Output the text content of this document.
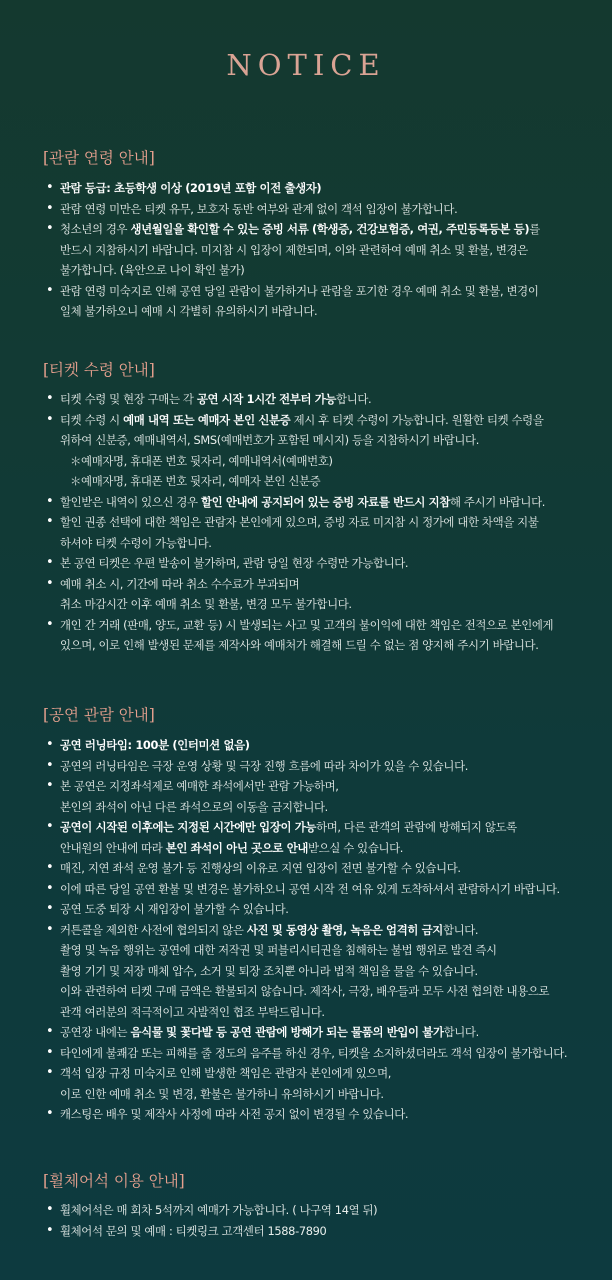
NOTICE
[관람 연령 안내]
• 관람 등급: 초등학생 이상 (2019년 포함 이전 출생자)
• 관람 연령 미만은 티켓 유무, 보호자 동반 여부와 관계 없이 객석 입장이 불가합니다.
• 청소년의 경우 생년월일을 확인할 수 있는 증빙 서류 (학생증, 건강보험증, 여권, 주민등록등본 등)를
반드시 지참하시기 바랍니다. 미지참 시 입장이 제한되며, 이와 관련하여 예매 취소 및 환불, 변경은
불가합니다. (육안으로 나이 확인 불가)
• 관람 연령 미숙지로 인해 공연 당일 관람이 불가하거나 관람을 포기한 경우 예매 취소 및 환불, 변경이
일체 불가하오니 예매 시 각별히 유의하시기 바랍니다.
[티켓 수령 안내]
• 티켓 수령 및 현장 구매는 각 공연 시작 1시간 전부터 가능합니다.
• 티켓 수령 시 예매 내역 또는 예매자 본인 신분증 제시 후 티켓 수령이 가능합니다. 원활한 티켓 수령을
위하여 신분증, 예매내역서, SMS(예매번호가 포함된 메시지) 등을 지참하시기 바랍니다.
＊예매자명, 휴대폰 번호 뒷자리, 예매내역서(예매번호)
＊예매자명, 휴대폰 번호 뒷자리, 예매자 본인 신분증
• 할인받은 내역이 있으신 경우 할인 안내에 공지되어 있는 증빙 자료를 반드시 지참해 주시기 바랍니다.
• 할인 권종 선택에 대한 책임은 관람자 본인에게 있으며, 증빙 자료 미지참 시 정가에 대한 차액을 지불
하셔야 티켓 수령이 가능합니다.
• 본 공연 티켓은 우편 발송이 불가하며, 관람 당일 현장 수령만 가능합니다.
• 예매 취소 시, 기간에 따라 취소 수수료가 부과되며
취소 마감시간 이후 예매 취소 및 환불, 변경 모두 불가합니다.
• 개인 간 거래 (판매, 양도, 교환 등) 시 발생되는 사고 및 고객의 불이익에 대한 책임은 전적으로 본인에게
있으며, 이로 인해 발생된 문제를 제작사와 예매처가 해결해 드릴 수 없는 점 양지해 주시기 바랍니다.
[공연 관람 안내]
• 공연 러닝타임: 100분 (인터미션 없음)
• 공연의 러닝타임은 극장 운영 상황 및 극장 진행 흐름에 따라 차이가 있을 수 있습니다.
• 본 공연은 지정좌석제로 예매한 좌석에서만 관람 가능하며,
본인의 좌석이 아닌 다른 좌석으로의 이동을 금지합니다.
• 공연이 시작된 이후에는 지정된 시간에만 입장이 가능하며, 다른 관객의 관람에 방해되지 않도록
안내원의 안내에 따라 본인 좌석이 아닌 곳으로 안내받으실 수 있습니다.
• 매진, 지연 좌석 운영 불가 등 진행상의 이유로 지연 입장이 전면 불가할 수 있습니다.
• 이에 따른 당일 공연 환불 및 변경은 불가하오니 공연 시작 전 여유 있게 도착하셔서 관람하시기 바랍니다.
• 공연 도중 퇴장 시 재입장이 불가할 수 있습니다.
• 커튼콜을 제외한 사전에 협의되지 않은 사진 및 동영상 촬영, 녹음은 엄격히 금지합니다.
촬영 및 녹음 행위는 공연에 대한 저작권 및 퍼블리시티권을 침해하는 불법 행위로 발견 즉시
촬영 기기 및 저장 매체 압수, 소거 및 퇴장 조치뿐 아니라 법적 책임을 물을 수 있습니다.
이와 관련하여 티켓 구매 금액은 환불되지 않습니다. 제작사, 극장, 배우들과 모두 사전 협의한 내용으로
관객 여러분의 적극적이고 자발적인 협조 부탁드립니다.
• 공연장 내에는 음식물 및 꽃다발 등 공연 관람에 방해가 되는 물품의 반입이 불가합니다.
• 타인에게 불쾌감 또는 피해를 줄 정도의 음주를 하신 경우, 티켓을 소지하셨더라도 객석 입장이 불가합니다.
• 객석 입장 규정 미숙지로 인해 발생한 책임은 관람자 본인에게 있으며,
이로 인한 예매 취소 및 변경, 환불은 불가하니 유의하시기 바랍니다.
• 캐스팅은 배우 및 제작사 사정에 따라 사전 공지 없이 변경될 수 있습니다.
[휠체어석 이용 안내]
• 휠체어석은 매 회차 5석까지 예매가 가능합니다. ( 나구역 14열 뒤)
• 휠체어석 문의 및 예매 : 티켓링크 고객센터 1588-7890
